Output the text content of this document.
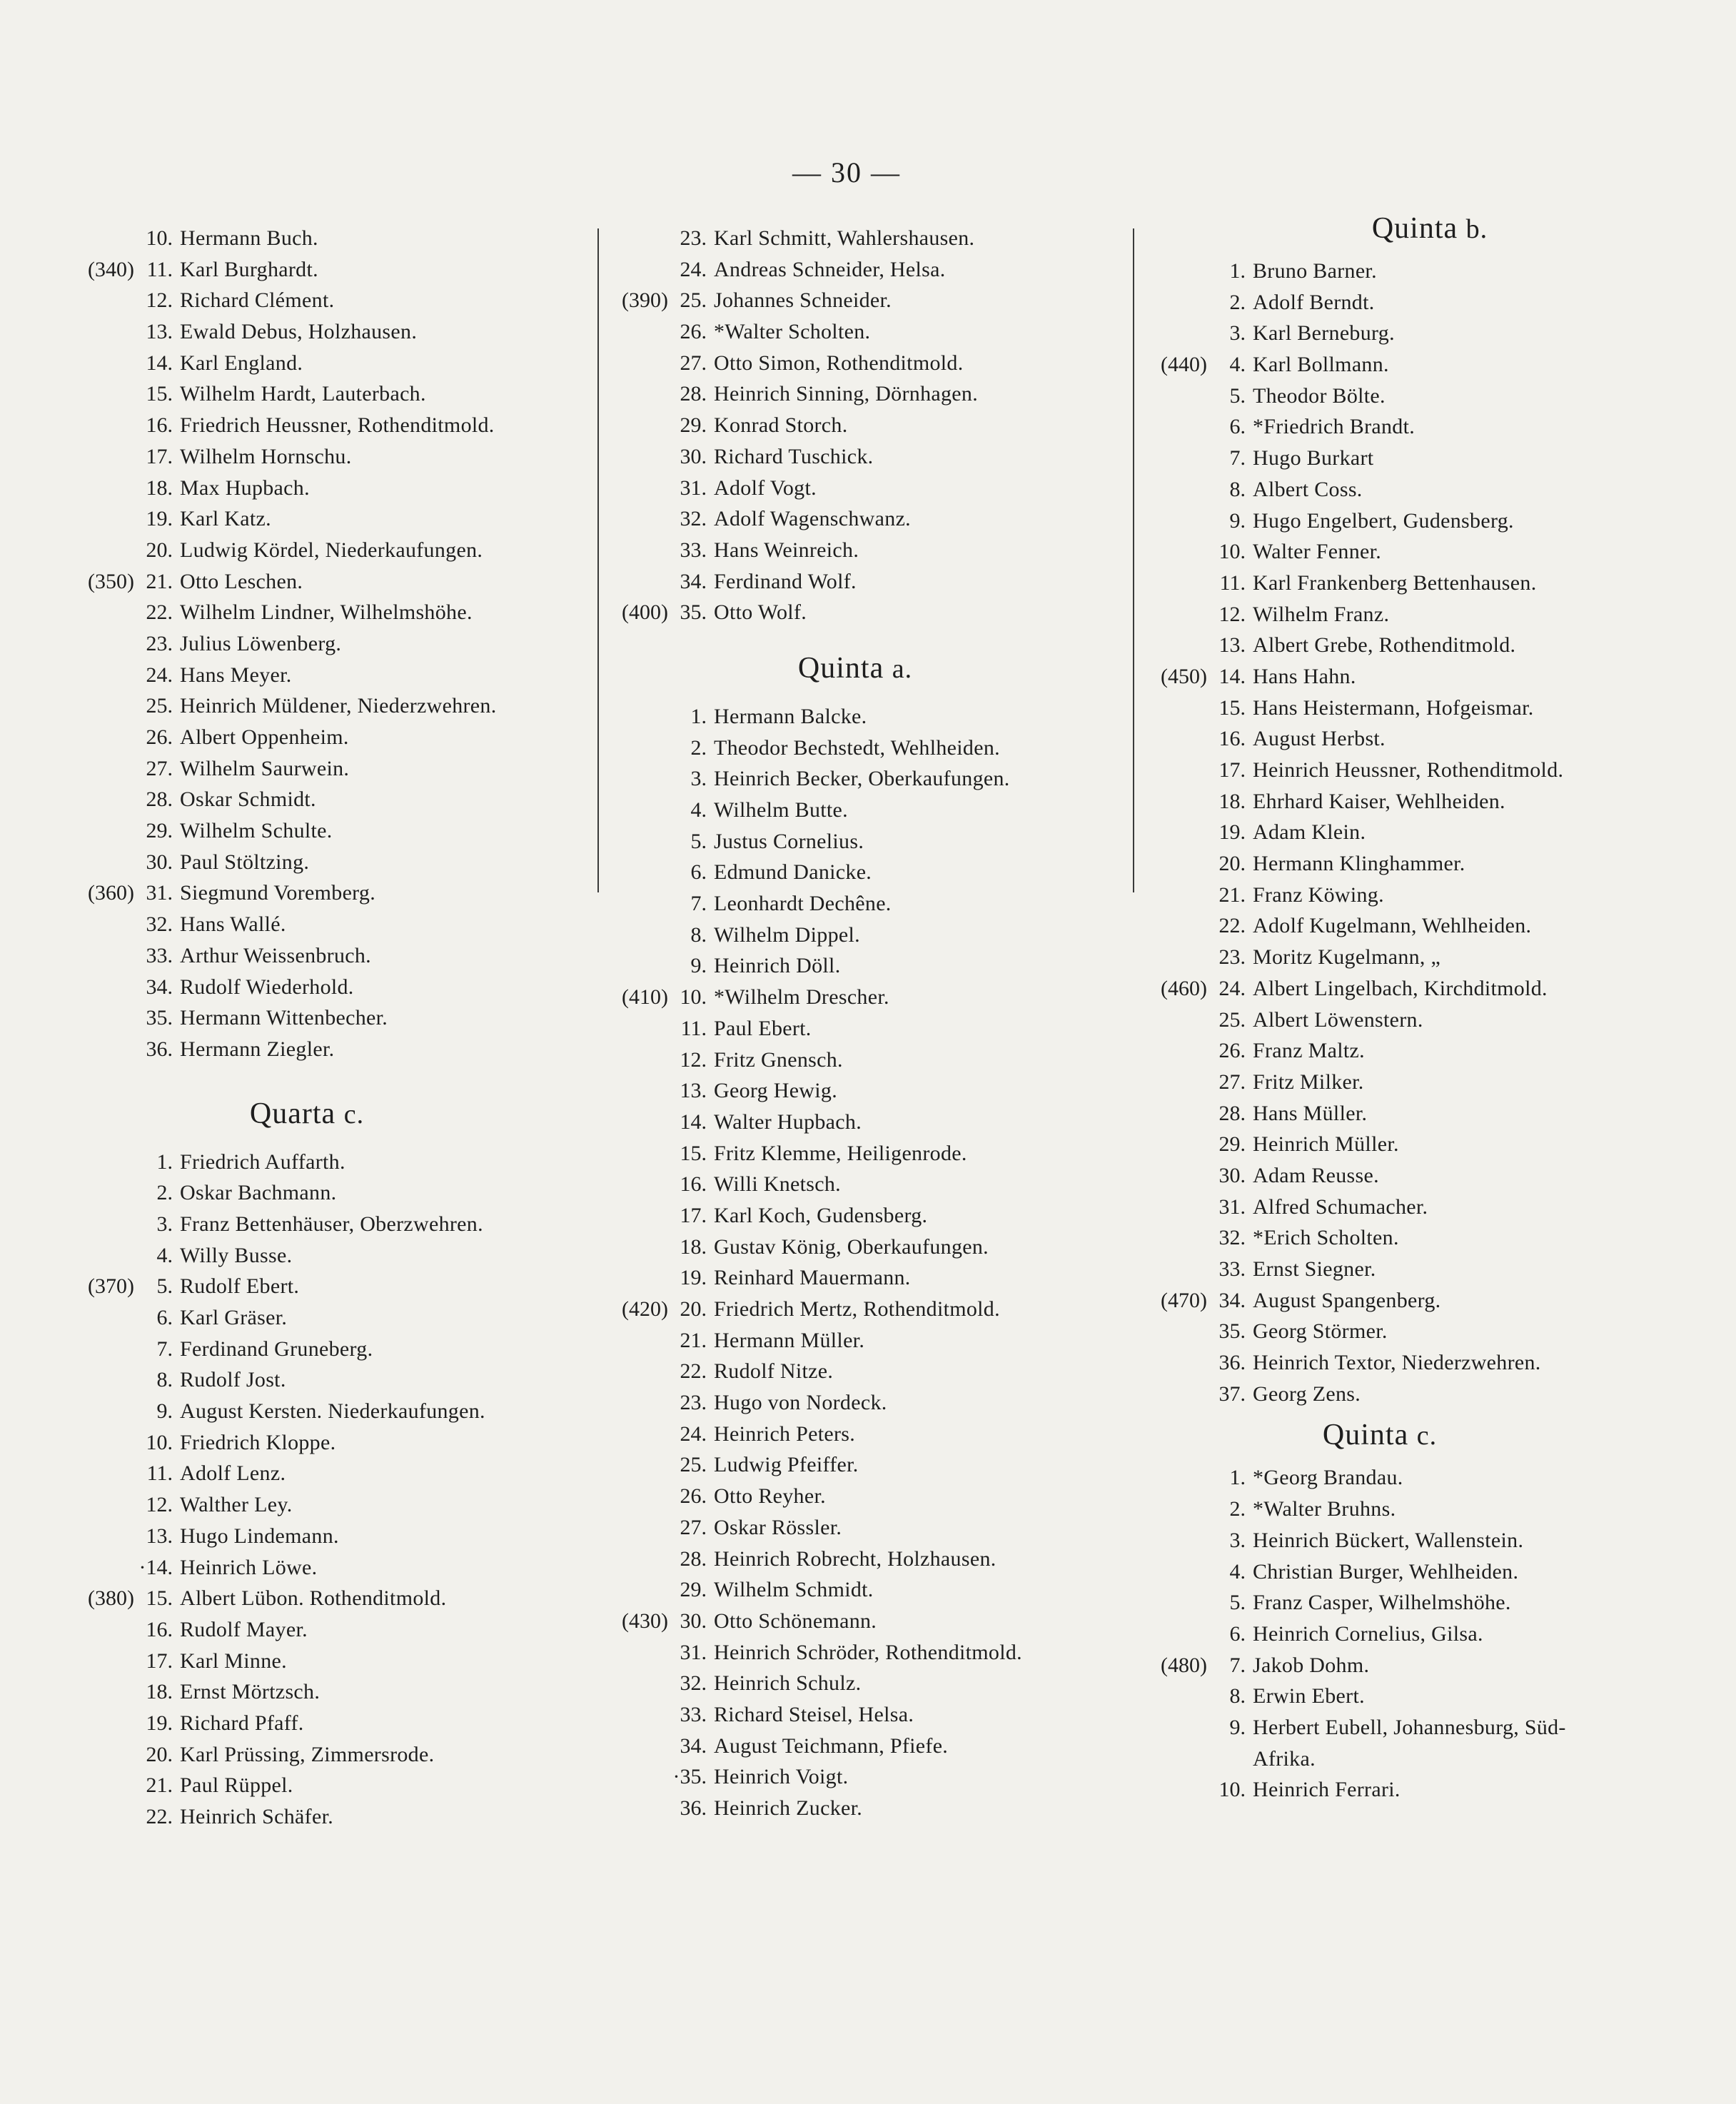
— 30 —
10. Hermann Buch.
(340) 11. Karl Burghardt.
12. Richard Clément.
13. Ewald Debus, Holzhausen.
14. Karl England.
15. Wilhelm Hardt, Lauterbach.
16. Friedrich Heussner, Rothenditmold.
17. Wilhelm Hornschu.
18. Max Hupbach.
19. Karl Katz.
20. Ludwig Kördel, Niederkaufungen.
(350) 21. Otto Leschen.
22. Wilhelm Lindner, Wilhelmshöhe.
23. Julius Löwenberg.
24. Hans Meyer.
25. Heinrich Müldener, Niederzwehren.
26. Albert Oppenheim.
27. Wilhelm Saurwein.
28. Oskar Schmidt.
29. Wilhelm Schulte.
30. Paul Stöltzing.
(360) 31. Siegmund Voremberg.
32. Hans Wallé.
33. Arthur Weissenbruch.
34. Rudolf Wiederhold.
35. Hermann Wittenbecher.
36. Hermann Ziegler.
Quarta c.
1. Friedrich Auffarth.
2. Oskar Bachmann.
3. Franz Bettenhäuser, Oberzwehren.
4. Willy Busse.
(370) 5. Rudolf Ebert.
6. Karl Gräser.
7. Ferdinand Gruneberg.
8. Rudolf Jost.
9. August Kersten. Niederkaufungen.
10. Friedrich Kloppe.
11. Adolf Lenz.
12. Walther Ley.
13. Hugo Lindemann.
·14. Heinrich Löwe.
(380) 15. Albert Lübon. Rothenditmold.
16. Rudolf Mayer.
17. Karl Minne.
18. Ernst Mörtzsch.
19. Richard Pfaff.
20. Karl Prüssing, Zimmersrode.
21. Paul Rüppel.
22. Heinrich Schäfer.
23. Karl Schmitt, Wahlershausen.
24. Andreas Schneider, Helsa.
(390) 25. Johannes Schneider.
26. *Walter Scholten.
27. Otto Simon, Rothenditmold.
28. Heinrich Sinning, Dörnhagen.
29. Konrad Storch.
30. Richard Tuschick.
31. Adolf Vogt.
32. Adolf Wagenschwanz.
33. Hans Weinreich.
34. Ferdinand Wolf.
(400) 35. Otto Wolf.
Quinta a.
1. Hermann Balcke.
2. Theodor Bechstedt, Wehlheiden.
3. Heinrich Becker, Oberkaufungen.
4. Wilhelm Butte.
5. Justus Cornelius.
6. Edmund Danicke.
7. Leonhardt Dechêne.
8. Wilhelm Dippel.
9. Heinrich Döll.
(410) 10. *Wilhelm Drescher.
11. Paul Ebert.
12. Fritz Gnensch.
13. Georg Hewig.
14. Walter Hupbach.
15. Fritz Klemme, Heiligenrode.
16. Willi Knetsch.
17. Karl Koch, Gudensberg.
18. Gustav König, Oberkaufungen.
19. Reinhard Mauermann.
(420) 20. Friedrich Mertz, Rothenditmold.
21. Hermann Müller.
22. Rudolf Nitze.
23. Hugo von Nordeck.
24. Heinrich Peters.
25. Ludwig Pfeiffer.
26. Otto Reyher.
27. Oskar Rössler.
28. Heinrich Robrecht, Holzhausen.
29. Wilhelm Schmidt.
(430) 30. Otto Schönemann.
31. Heinrich Schröder, Rothenditmold.
32. Heinrich Schulz.
33. Richard Steisel, Helsa.
34. August Teichmann, Pfiefe.
·35. Heinrich Voigt.
36. Heinrich Zucker.
Quinta b.
1. Bruno Barner.
2. Adolf Berndt.
3. Karl Berneburg.
(440) 4. Karl Bollmann.
5. Theodor Bölte.
6. *Friedrich Brandt.
7. Hugo Burkart
8. Albert Coss.
9. Hugo Engelbert, Gudensberg.
10. Walter Fenner.
11. Karl Frankenberg Bettenhausen.
12. Wilhelm Franz.
13. Albert Grebe, Rothenditmold.
(450) 14. Hans Hahn.
15. Hans Heistermann, Hofgeismar.
16. August Herbst.
17. Heinrich Heussner, Rothenditmold.
18. Ehrhard Kaiser, Wehlheiden.
19. Adam Klein.
20. Hermann Klinghammer.
21. Franz Köwing.
22. Adolf Kugelmann, Wehlheiden.
23. Moritz Kugelmann, „
(460) 24. Albert Lingelbach, Kirchditmold.
25. Albert Löwenstern.
26. Franz Maltz.
27. Fritz Milker.
28. Hans Müller.
29. Heinrich Müller.
30. Adam Reusse.
31. Alfred Schumacher.
32. *Erich Scholten.
33. Ernst Siegner.
(470) 34. August Spangenberg.
35. Georg Störmer.
36. Heinrich Textor, Niederzwehren.
37. Georg Zens.
Quinta c.
1. *Georg Brandau.
2. *Walter Bruhns.
3. Heinrich Bückert, Wallenstein.
4. Christian Burger, Wehlheiden.
5. Franz Casper, Wilhelmshöhe.
6. Heinrich Cornelius, Gilsa.
(480) 7. Jakob Dohm.
8. Erwin Ebert.
9. Herbert Eubell, Johannesburg, Süd-
Afrika.
10. Heinrich Ferrari.
